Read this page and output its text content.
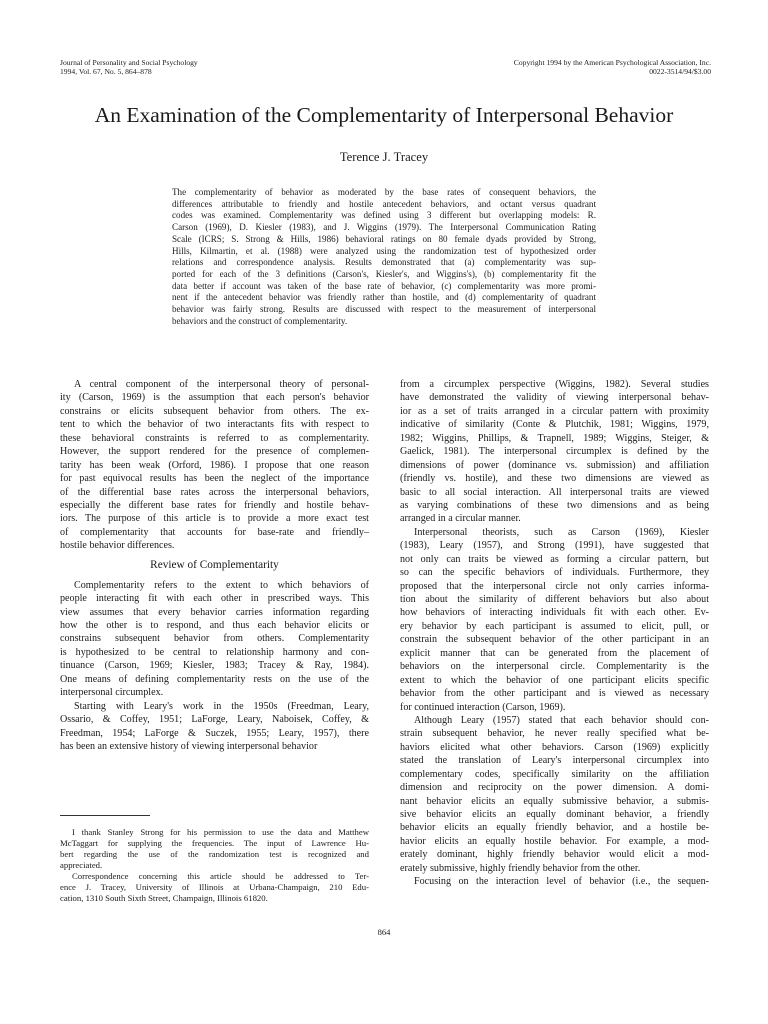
Journal of Personality and Social Psychology
1994, Vol. 67, No. 5, 864–878
Copyright 1994 by the American Psychological Association, Inc.
0022-3514/94/$3.00
An Examination of the Complementarity of Interpersonal Behavior
Terence J. Tracey
The complementarity of behavior as moderated by the base rates of consequent behaviors, the
differences attributable to friendly and hostile antecedent behaviors, and octant versus quadrant
codes was examined. Complementarity was defined using 3 different but overlapping models: R.
Carson (1969), D. Kiesler (1983), and J. Wiggins (1979). The Interpersonal Communication Rating
Scale (ICRS; S. Strong & Hills, 1986) behavioral ratings on 80 female dyads provided by Strong,
Hills, Kilmartin, et al. (1988) were analyzed using the randomization test of hypothesized order
relations and correspondence analysis. Results demonstrated that (a) complementarity was sup-
ported for each of the 3 definitions (Carson's, Kiesler's, and Wiggins's), (b) complementarity fit the
data better if account was taken of the base rate of behavior, (c) complementarity was more promi-
nent if the antecedent behavior was friendly rather than hostile, and (d) complementarity of quadrant
behavior was fairly strong. Results are discussed with respect to the measurement of interpersonal
behaviors and the construct of complementarity.
A central component of the interpersonal theory of personal-
ity (Carson, 1969) is the assumption that each person's behavior
constrains or elicits subsequent behavior from others. The ex-
tent to which the behavior of two interactants fits with respect to
these behavioral constraints is referred to as complementarity.
However, the support rendered for the presence of complemen-
tarity has been weak (Orford, 1986). I propose that one reason
for past equivocal results has been the neglect of the importance
of the differential base rates across the interpersonal behaviors,
especially the different base rates for friendly and hostile behav-
iors. The purpose of this article is to provide a more exact test
of complementarity that accounts for base-rate and friendly–
hostile behavior differences.
Review of Complementarity
Complementarity refers to the extent to which behaviors of
people interacting fit with each other in prescribed ways. This
view assumes that every behavior carries information regarding
how the other is to respond, and thus each behavior elicits or
constrains subsequent behavior from others. Complementarity
is hypothesized to be central to relationship harmony and con-
tinuance (Carson, 1969; Kiesler, 1983; Tracey & Ray, 1984).
One means of defining complementarity rests on the use of the
interpersonal circumplex.
Starting with Leary's work in the 1950s (Freedman, Leary,
Ossario, & Coffey, 1951; LaForge, Leary, Naboisek, Coffey, &
Freedman, 1954; LaForge & Suczek, 1955; Leary, 1957), there
has been an extensive history of viewing interpersonal behavior
I thank Stanley Strong for his permission to use the data and Matthew
McTaggart for supplying the frequencies. The input of Lawrence Hu-
bert regarding the use of the randomization test is recognized and
appreciated.
Correspondence concerning this article should be addressed to Ter-
ence J. Tracey, University of Illinois at Urbana-Champaign, 210 Edu-
cation, 1310 South Sixth Street, Champaign, Illinois 61820.
from a circumplex perspective (Wiggins, 1982). Several studies
have demonstrated the validity of viewing interpersonal behav-
ior as a set of traits arranged in a circular pattern with proximity
indicative of similarity (Conte & Plutchik, 1981; Wiggins, 1979,
1982; Wiggins, Phillips, & Trapnell, 1989; Wiggins, Steiger, &
Gaelick, 1981). The interpersonal circumplex is defined by the
dimensions of power (dominance vs. submission) and affiliation
(friendly vs. hostile), and these two dimensions are viewed as
basic to all social interaction. All interpersonal traits are viewed
as varying combinations of these two dimensions and as being
arranged in a circular manner.
Interpersonal theorists, such as Carson (1969), Kiesler
(1983), Leary (1957), and Strong (1991), have suggested that
not only can traits be viewed as forming a circular pattern, but
so can the specific behaviors of individuals. Furthermore, they
proposed that the interpersonal circle not only carries informa-
tion about the similarity of different behaviors but also about
how behaviors of interacting individuals fit with each other. Ev-
ery behavior by each participant is assumed to elicit, pull, or
constrain the subsequent behavior of the other participant in an
explicit manner that can be generated from the placement of
behaviors on the interpersonal circle. Complementarity is the
extent to which the behavior of one participant elicits specific
behavior from the other participant and is viewed as necessary
for continued interaction (Carson, 1969).
Although Leary (1957) stated that each behavior should con-
strain subsequent behavior, he never really specified what be-
haviors elicited what other behaviors. Carson (1969) explicitly
stated the translation of Leary's interpersonal circumplex into
complementary codes, specifically similarity on the affiliation
dimension and reciprocity on the power dimension. A domi-
nant behavior elicits an equally submissive behavior, a submis-
sive behavior elicits an equally dominant behavior, a friendly
behavior elicits an equally friendly behavior, and a hostile be-
havior elicits an equally hostile behavior. For example, a mod-
erately dominant, highly friendly behavior would elicit a mod-
erately submissive, highly friendly behavior from the other.
Focusing on the interaction level of behavior (i.e., the sequen-
864
